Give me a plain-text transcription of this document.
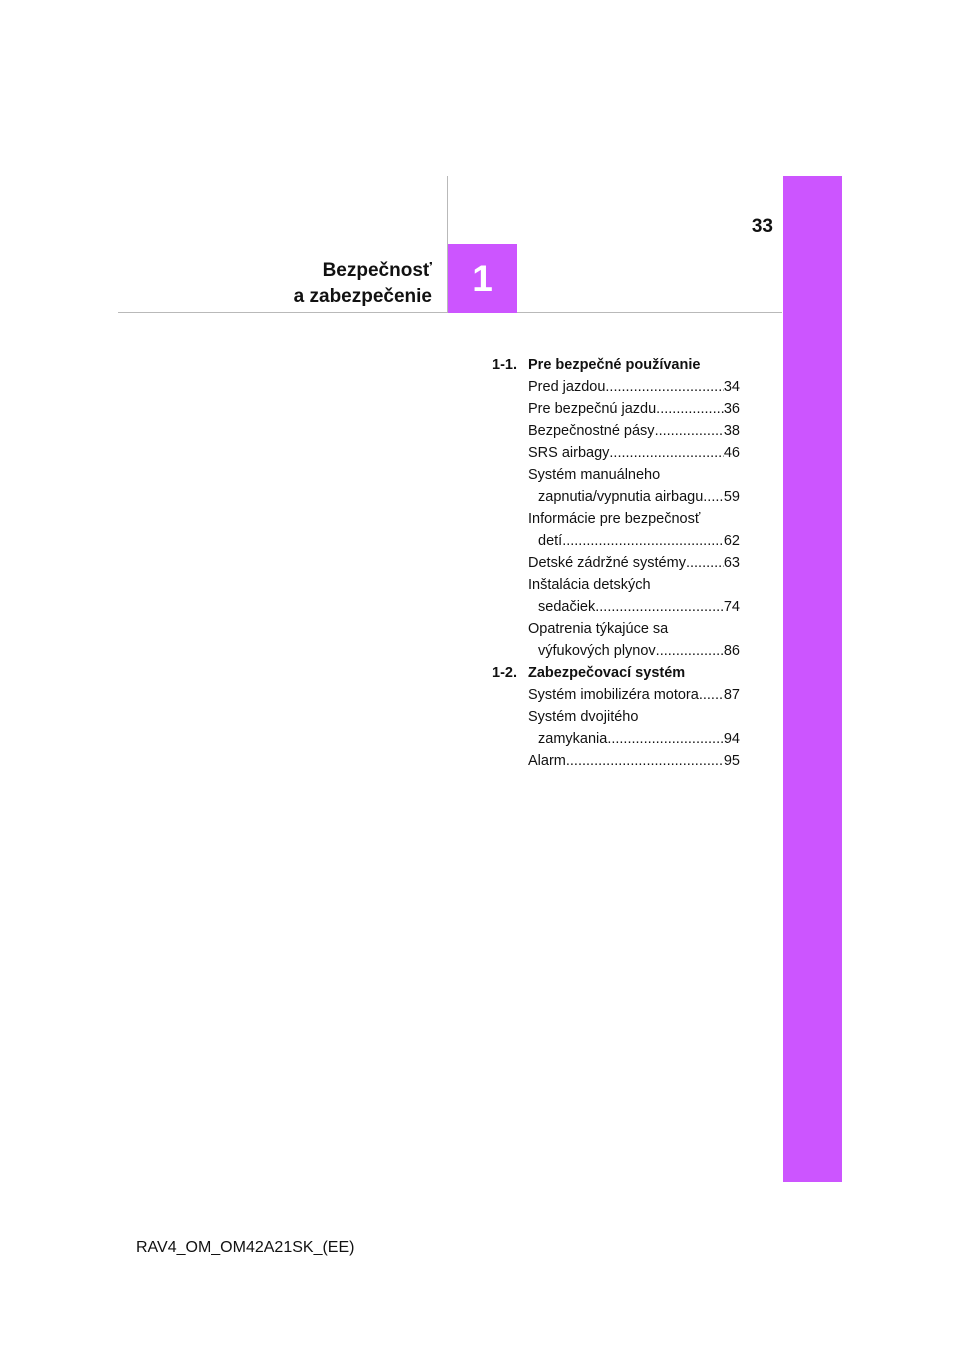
1
33
Bezpečnosť
a zabezpečenie
1-1. Pre bezpečné používanie
Pred jazdou .....	34
Pre bezpečnú jazdu .....	36
Bezpečnostné pásy .....	38
SRS airbagy .....	46
Systém manuálneho
zapnutia/vypnutia airbagu ..... 59
Informácie pre bezpečnosť
detí .....	62
Detské zádržné systémy .....	63
Inštalácia detských
sedačiek .....	74
Opatrenia týkajúce sa
výfukových plynov .....	86
1-2. Zabezpečovací systém
Systém imobilizéra motora ..... 87
Systém dvojitého
zamykania .....	94
Alarm .....	95
RAV4_OM_OM42A21SK_(EE)
